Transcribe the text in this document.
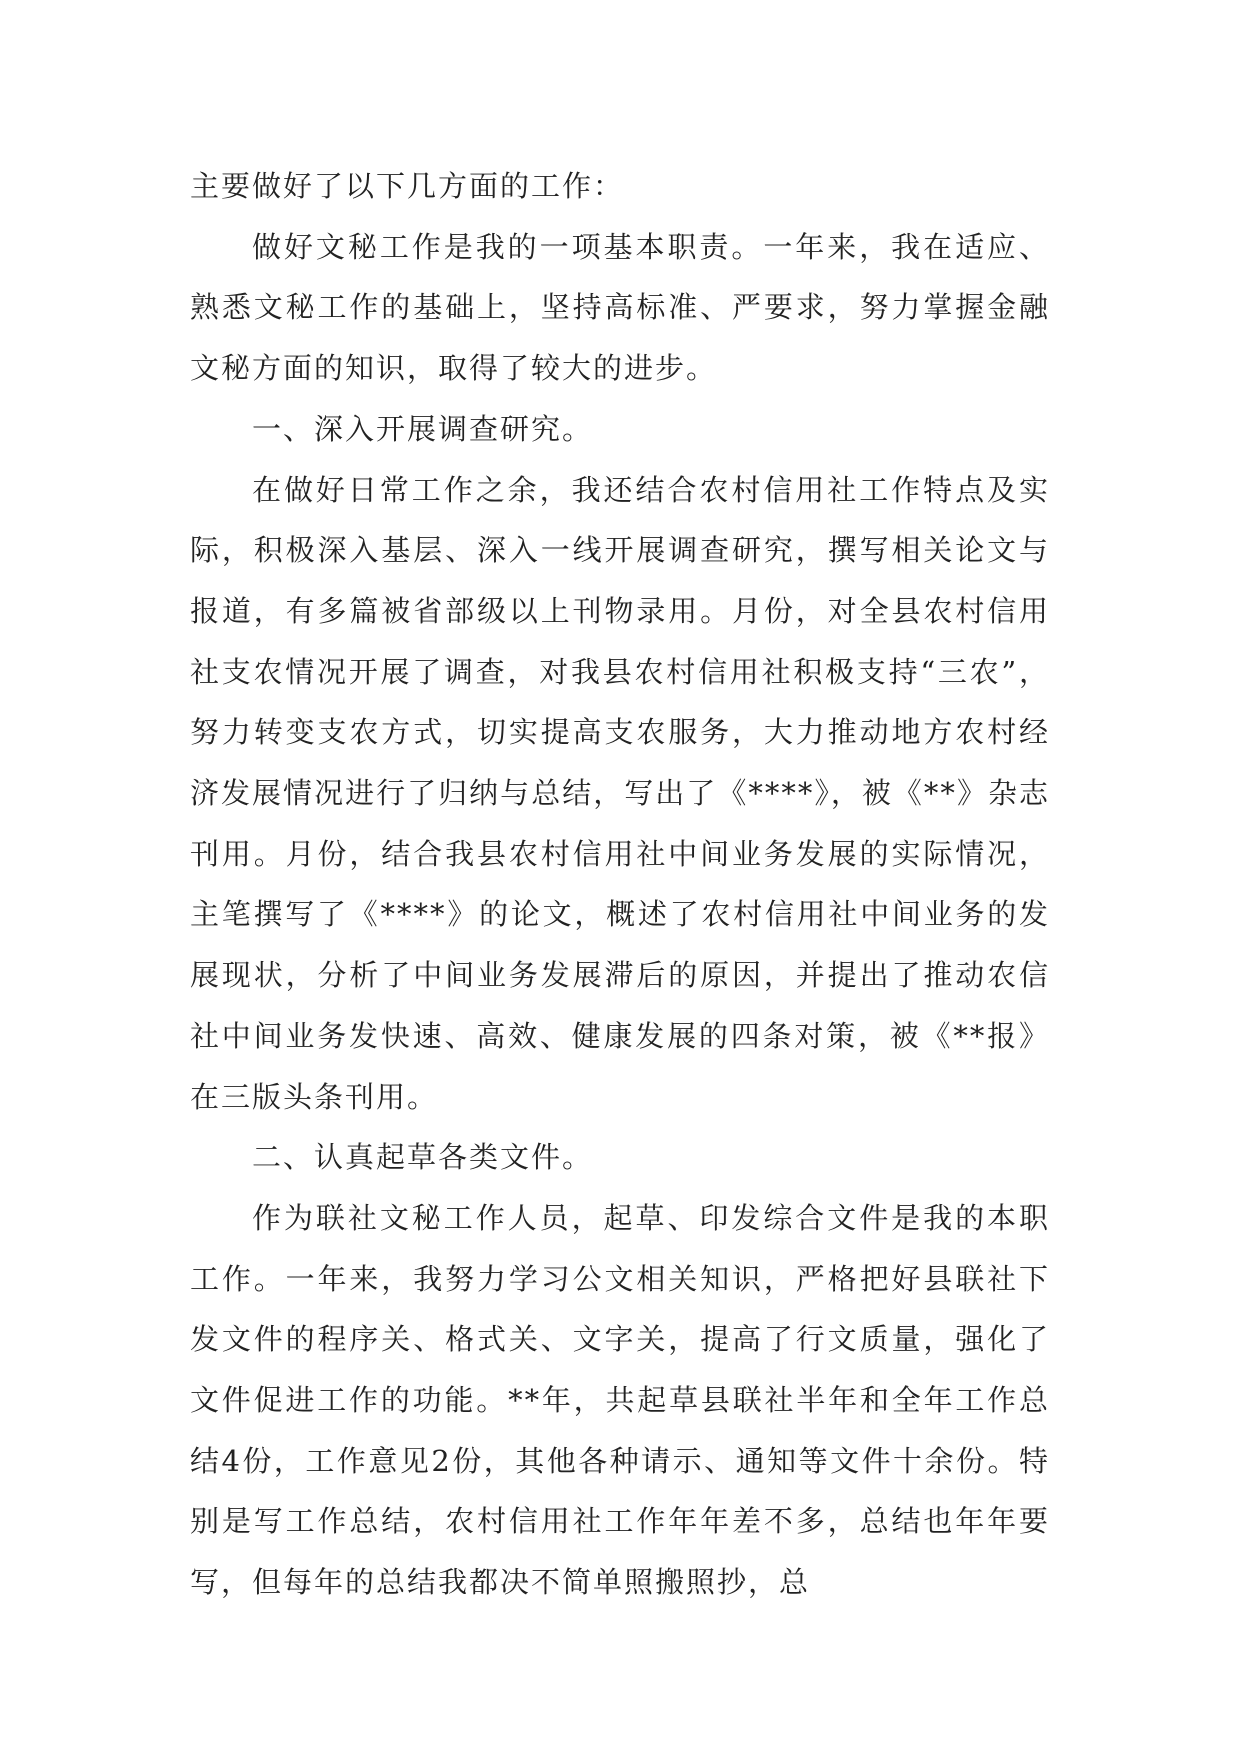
主要做好了以下几方面的工作：

做好文秘工作是我的一项基本职责。一年来，我在适应、熟悉文秘工作的基础上，坚持高标准、严要求，努力掌握金融文秘方面的知识，取得了较大的进步。

一、深入开展调查研究。

在做好日常工作之余，我还结合农村信用社工作特点及实际，积极深入基层、深入一线开展调查研究，撰写相关论文与报道，有多篇被省部级以上刊物录用。月份，对全县农村信用社支农情况开展了调查，对我县农村信用社积极支持“三农”，努力转变支农方式，切实提高支农服务，大力推动地方农村经济发展情况进行了归纳与总结，写出了《****》，被《**》杂志刊用。月份，结合我县农村信用社中间业务发展的实际情况，主笔撰写了《****》的论文，概述了农村信用社中间业务的发展现状，分析了中间业务发展滞后的原因，并提出了推动农信社中间业务发快速、高效、健康发展的四条对策，被《**报》在三版头条刊用。

二、认真起草各类文件。

作为联社文秘工作人员，起草、印发综合文件是我的本职工作。一年来，我努力学习公文相关知识，严格把好县联社下发文件的程序关、格式关、文字关，提高了行文质量，强化了文件促进工作的功能。**年，共起草县联社半年和全年工作总结4份，工作意见2份，其他各种请示、通知等文件十余份。特别是写工作总结，农村信用社工作年年差不多，总结也年年要写，但每年的总结我都决不简单照搬照抄，总
